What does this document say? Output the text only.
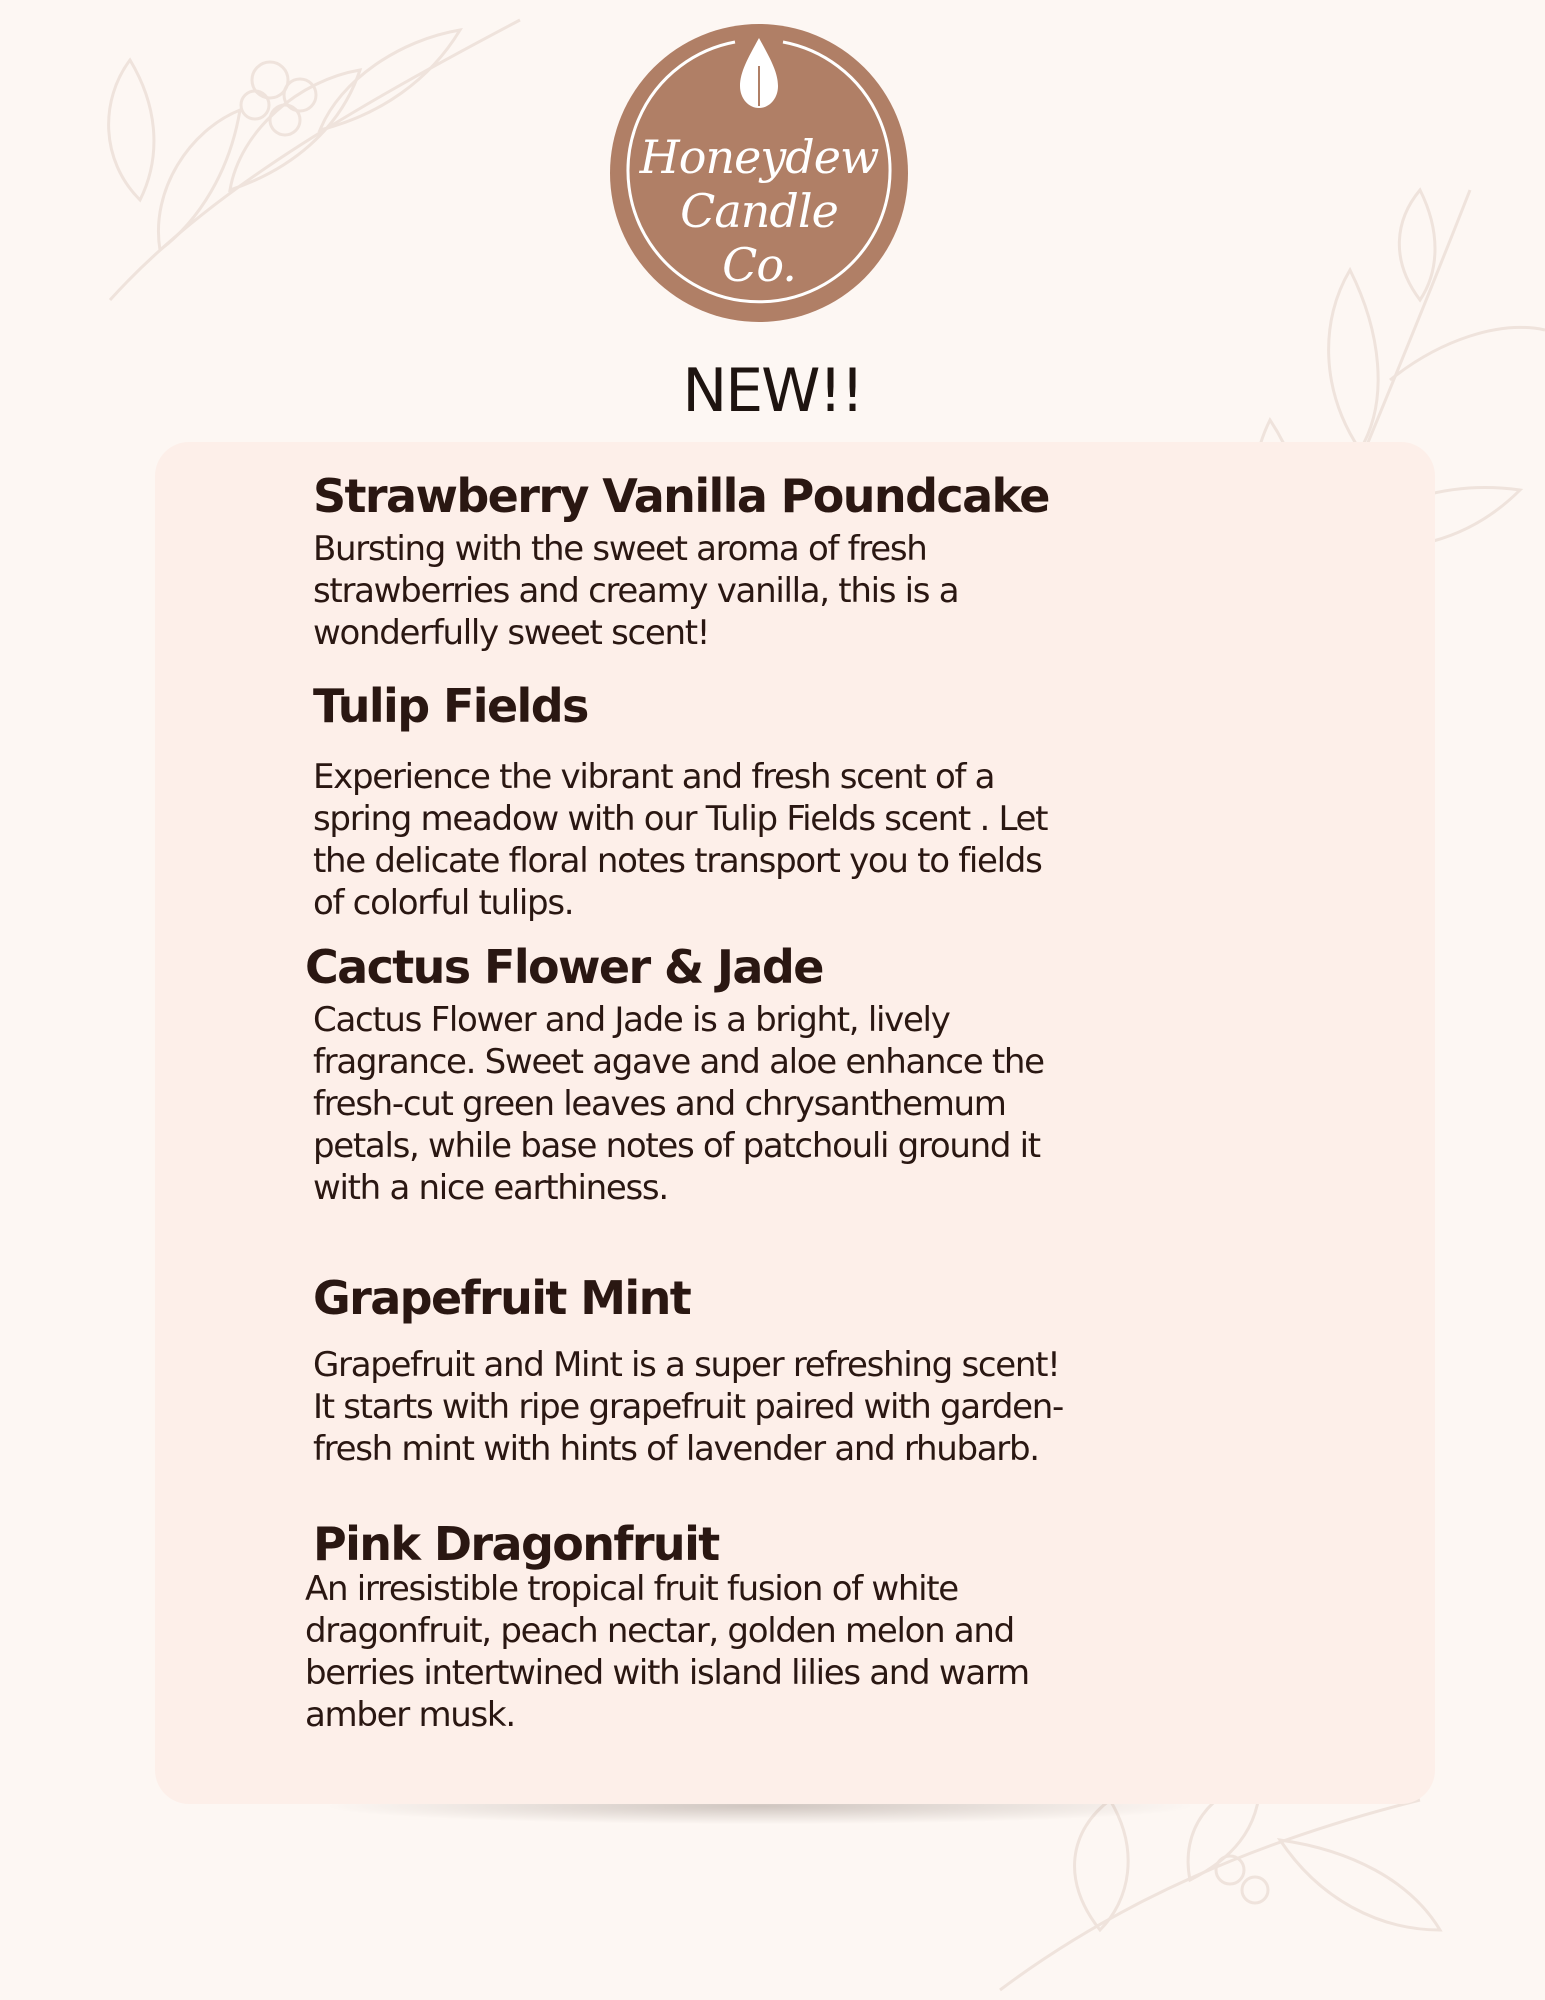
Honeydew
Candle
Co.
NEW!!
Strawberry Vanilla Poundcake

Bursting with the sweet aroma of fresh strawberries and creamy vanilla, this is a wonderfully sweet scent!

Tulip Fields

Experience the vibrant and fresh scent of a spring meadow with our Tulip Fields scent . Let the delicate floral notes transport you to fields of colorful tulips.

Cactus Flower & Jade

Cactus Flower and Jade is a bright, lively fragrance. Sweet agave and aloe enhance the fresh-cut green leaves and chrysanthemum petals, while base notes of patchouli ground it with a nice earthiness.

Grapefruit Mint

Grapefruit and Mint is a super refreshing scent! It starts with ripe grapefruit paired with garden-fresh mint with hints of lavender and rhubarb.

Pink Dragonfruit

An irresistible tropical fruit fusion of white dragonfruit, peach nectar, golden melon and berries intertwined with island lilies and warm amber musk.
